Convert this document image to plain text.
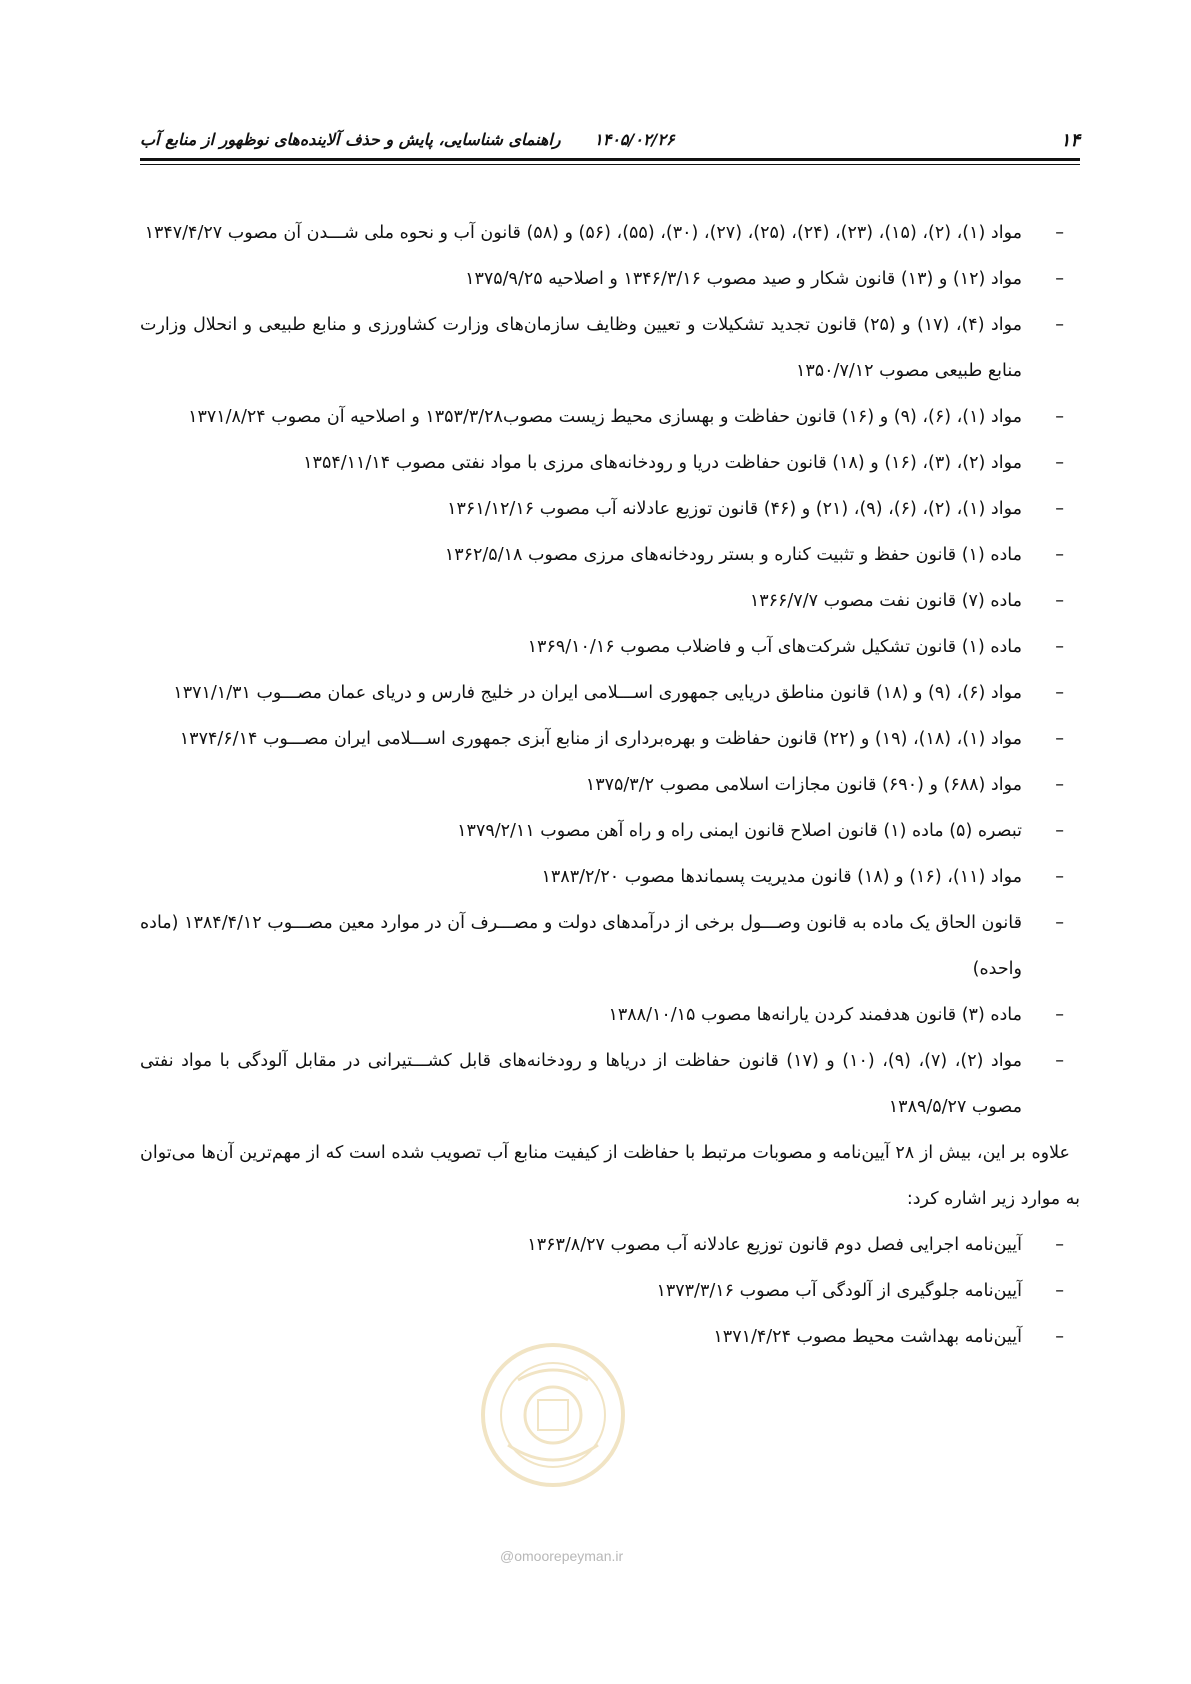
۱۴
۱۴۰۵/۰۲/۲۶ راهنمای شناسایی، پایش و حذف آلاینده‌های نوظهور از منابع آب
– مواد (۱)، (۲)، (۱۵)، (۲۳)، (۲۴)، (۲۵)، (۲۷)، (۳۰)، (۵۵)، (۵۶) و (۵۸) قانون آب و نحوه ملی شـــدن آن مصوب ۱۳۴۷/۴/۲۷
– مواد (۱۲) و (۱۳) قانون شکار و صید مصوب ۱۳۴۶/۳/۱۶ و اصلاحیه ۱۳۷۵/۹/۲۵
– مواد (۴)، (۱۷) و (۲۵) قانون تجدید تشکیلات و تعیین وظایف سازمان‌های وزارت کشاورزی و منابع طبیعی و انحلال وزارت منابع طبیعی مصوب ۱۳۵۰/۷/۱۲
– مواد (۱)، (۶)، (۹) و (۱۶) قانون حفاظت و بهسازی محیط زیست مصوب۱۳۵۳/۳/۲۸ و اصلاحیه آن مصوب ۱۳۷۱/۸/۲۴
– مواد (۲)، (۳)، (۱۶) و (۱۸) قانون حفاظت دریا و رودخانه‌های مرزی با مواد نفتی مصوب ۱۳۵۴/۱۱/۱۴
– مواد (۱)، (۲)، (۶)، (۹)، (۲۱) و (۴۶) قانون توزیع عادلانه آب مصوب ۱۳۶۱/۱۲/۱۶
– ماده (۱) قانون حفظ و تثبیت کناره و بستر رودخانه‌های مرزی مصوب ۱۳۶۲/۵/۱۸
– ماده (۷) قانون نفت مصوب ۱۳۶۶/۷/۷
– ماده (۱) قانون تشکیل شرکت‌های آب و فاضلاب مصوب ۱۳۶۹/۱۰/۱۶
– مواد (۶)، (۹) و (۱۸) قانون مناطق دریایی جمهوری اســـلامی ایران در خلیج فارس و دریای عمان مصـــوب ۱۳۷۱/۱/۳۱
– مواد (۱)، (۱۸)، (۱۹) و (۲۲) قانون حفاظت و بهره‌برداری از منابع آبزی جمهوری اســـلامی ایران مصـــوب ۱۳۷۴/۶/۱۴
– مواد (۶۸۸) و (۶۹۰) قانون مجازات اسلامی مصوب ۱۳۷۵/۳/۲
– تبصره (۵) ماده (۱) قانون اصلاح قانون ایمنی راه و راه آهن مصوب ۱۳۷۹/۲/۱۱
– مواد (۱۱)، (۱۶) و (۱۸) قانون مدیریت پسماندها مصوب ۱۳۸۳/۲/۲۰
– قانون الحاق یک ماده به قانون وصـــول برخی از درآمدهای دولت و مصـــرف آن در موارد معین مصـــوب ۱۳۸۴/۴/۱۲ (ماده واحده)
– ماده (۳) قانون هدفمند کردن یارانه‌ها مصوب ۱۳۸۸/۱۰/۱۵
– مواد (۲)، (۷)، (۹)، (۱۰) و (۱۷) قانون حفاظت از دریاها و رودخانه‌های قابل کشـــتیرانی در مقابل آلودگی با مواد نفتی مصوب ۱۳۸۹/۵/۲۷

علاوه بر این، بیش از ۲۸ آیین‌نامه و مصوبات مرتبط با حفاظت از کیفیت منابع آب تصویب شده است که از مهم‌ترین آن‌ها می‌توان به موارد زیر اشاره کرد:

– آیین‌نامه اجرایی فصل دوم قانون توزیع عادلانه آب مصوب ۱۳۶۳/۸/۲۷
– آیین‌نامه جلوگیری از آلودگی آب مصوب ۱۳۷۳/۳/۱۶
– آیین‌نامه بهداشت محیط مصوب ۱۳۷۱/۴/۲۴
@omoorepeyman.ir
